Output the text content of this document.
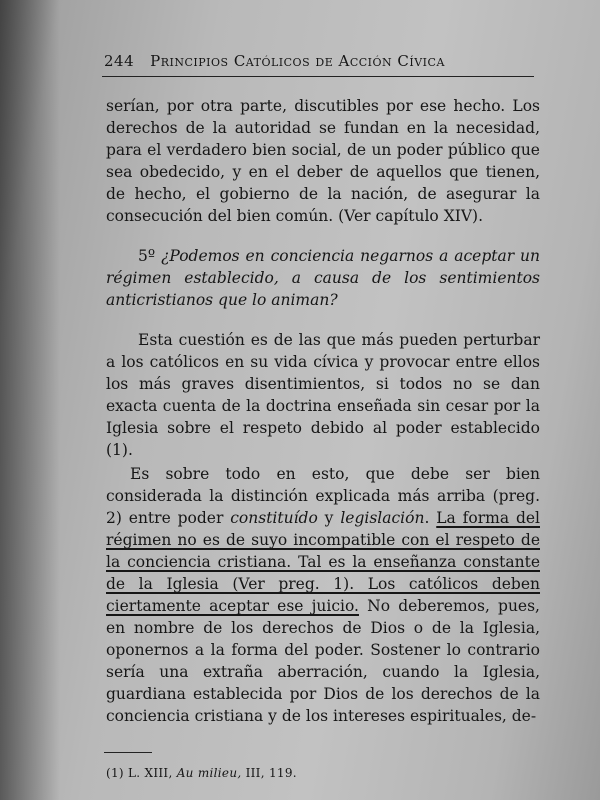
244 Principios Católicos de Acción Cívica

serían, por otra parte, discutibles por ese hecho. Los derechos de la autoridad se fundan en la necesidad, para el verdadero bien social, de un poder público que sea obedecido, y en el deber de aquellos que tienen, de hecho, el gobierno de la nación, de asegurar la consecución del bien común. (Ver capítulo XIV).

5º ¿Podemos en conciencia negarnos a aceptar un régimen establecido, a causa de los sentimientos anticristianos que lo animan?

Esta cuestión es de las que más pueden perturbar a los católicos en su vida cívica y provocar entre ellos los más graves disentimientos, si todos no se dan exacta cuenta de la doctrina enseñada sin cesar por la Iglesia sobre el respeto debido al poder establecido (1).

Es sobre todo en esto, que debe ser bien considerada la distinción explicada más arriba (preg. 2) entre poder constituído y legislación. La forma del régimen no es de suyo incompatible con el respeto de la conciencia cristiana. Tal es la enseñanza constante de la Iglesia (Ver preg. 1). Los católicos deben ciertamente aceptar ese juicio. No deberemos, pues, en nombre de los derechos de Dios o de la Iglesia, oponernos a la forma del poder. Sostener lo contrario sería una extraña aberración, cuando la Iglesia, guardiana establecida por Dios de los derechos de la conciencia cristiana y de los intereses espirituales, de-

(1) L. XIII, Au milieu, III, 119.
